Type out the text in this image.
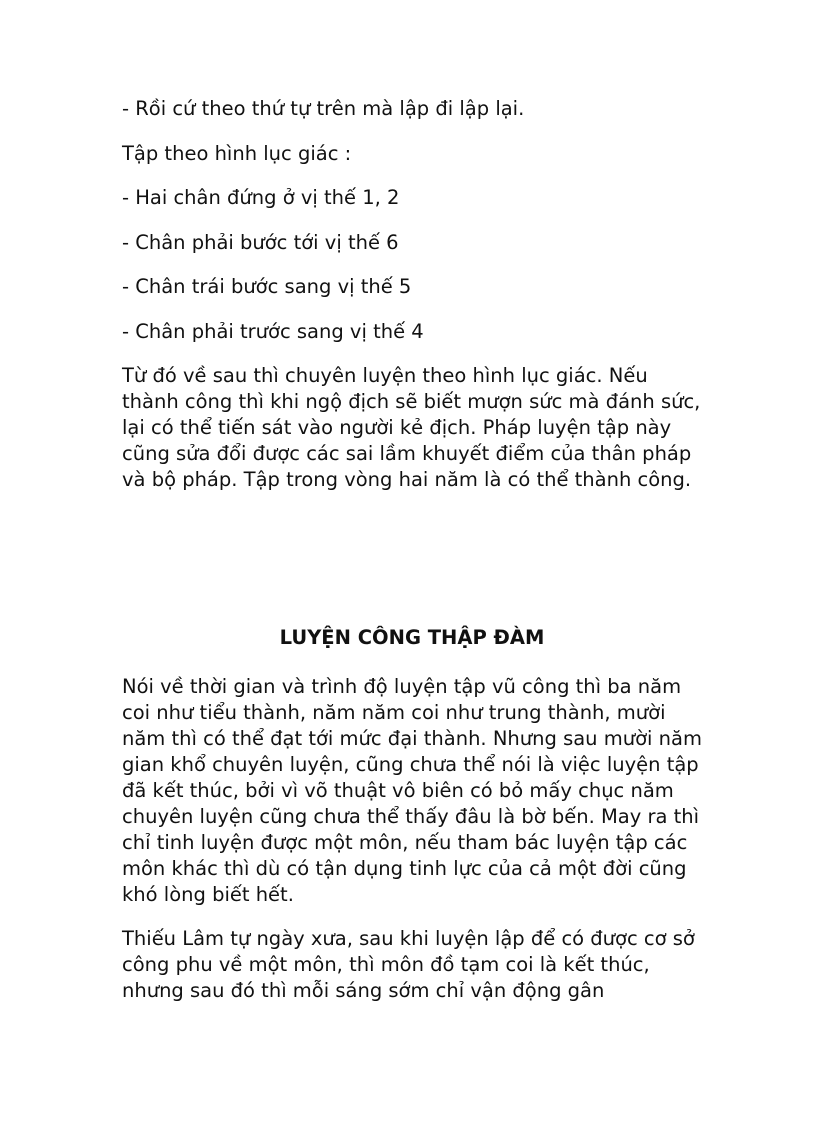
- Rồi cứ theo thứ tự trên mà lập đi lập lại.

Tập theo hình lục giác :

- Hai chân đứng ở vị thế 1, 2

- Chân phải bước tới vị thế 6

- Chân trái bước sang vị thế 5

- Chân phải trước sang vị thế 4

Từ đó về sau thì chuyên luyện theo hình lục giác. Nếu thành công thì khi ngộ địch sẽ biết mượn sức mà đánh sức, lại có thể tiến sát vào người kẻ địch. Pháp luyện tập này cũng sửa đổi được các sai lầm khuyết điểm của thân pháp và bộ pháp. Tập trong vòng hai năm là có thể thành công.

LUYỆN CÔNG THẬP ĐÀM

Nói về thời gian và trình độ luyện tập vũ công thì ba năm coi như tiểu thành, năm năm coi như trung thành, mười năm thì có thể đạt tới mức đại thành. Nhưng sau mười năm gian khổ chuyên luyện, cũng chưa thể nói là việc luyện tập đã kết thúc, bởi vì võ thuật vô biên có bỏ mấy chục năm chuyên luyện cũng chưa thể thấy đâu là bờ bến. May ra thì chỉ tinh luyện được một môn, nếu tham bác luyện tập các môn khác thì dù có tận dụng tinh lực của cả một đời cũng khó lòng biết hết.

Thiếu Lâm tự ngày xưa, sau khi luyện lập để có được cơ sở công phu về một môn, thì môn đồ tạm coi là kết thúc, nhưng sau đó thì mỗi sáng sớm chỉ vận động gân
